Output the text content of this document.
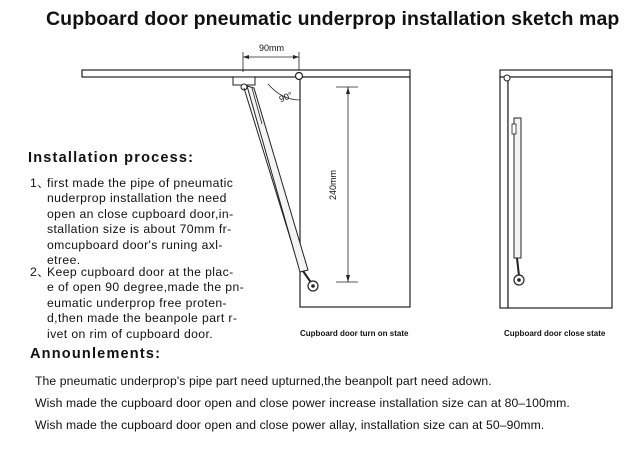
Cupboard door pneumatic underprop installation sketch map
90mm
90°
240mm
Cupboard door turn on state	Cupboard door close state
Installation process:
1、
first made the pipe of pneumatic
nuderprop installation the need
open an close cupboard door,in-
stallation size is about 70mm fr-
omcupboard door's runing axl-
etree.
2、
Keep cupboard door at the plac-
e of open 90 degree,made the pn-
eumatic underprop free proten-
d,then made the beanpole part r-
ivet on rim of cupboard door.
Announlements:
The pneumatic underprop's pipe part need upturned,the beanpolt part need adown.
Wish made the cupboard door open and close power increase installation size can at 80–100mm.
Wish made the cupboard door open and close power allay, installation size can at 50–90mm.
